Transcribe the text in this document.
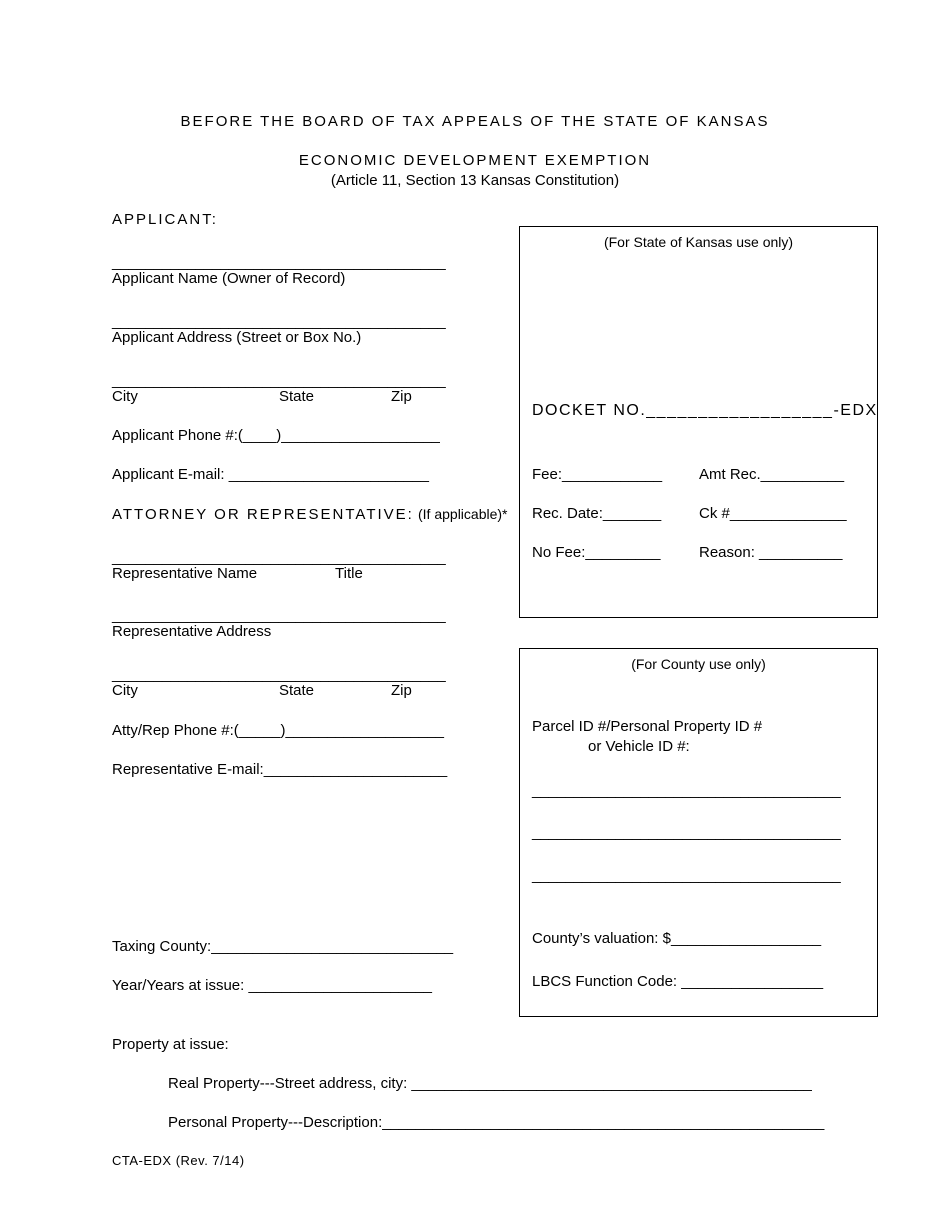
BEFORE THE BOARD OF TAX APPEALS OF THE STATE OF KANSAS
ECONOMIC DEVELOPMENT EXEMPTION
(Article 11, Section 13 Kansas Constitution)
APPLICANT:
________________________________________
Applicant Name (Owner of Record)
________________________________________
Applicant Address (Street or Box No.)
________________________________________
City	State	Zip
Applicant Phone #:(____)___________________
Applicant E-mail: ________________________
ATTORNEY OR REPRESENTATIVE: (If applicable)*
________________________________________
Representative Name	Title
________________________________________
Representative Address
________________________________________
City	State	Zip
Atty/Rep Phone #:(_____)___________________
Representative E-mail:______________________
(For State of Kansas use only)
DOCKET NO.__________________-EDX
Fee:____________ Amt Rec.__________
Rec. Date:_______	Ck #______________
No Fee:_________	Reason: __________
(For County use only)
Parcel ID #/Personal Property ID #
or Vehicle ID #:
_____________________________________
_____________________________________
_____________________________________
County’s valuation: $__________________
LBCS Function Code: _________________
Taxing County:_____________________________
Year/Years at issue: ______________________
Property at issue:
Real Property---Street address, city: ________________________________________________
Personal Property---Description:_____________________________________________________
CTA-EDX (Rev. 7/14)
